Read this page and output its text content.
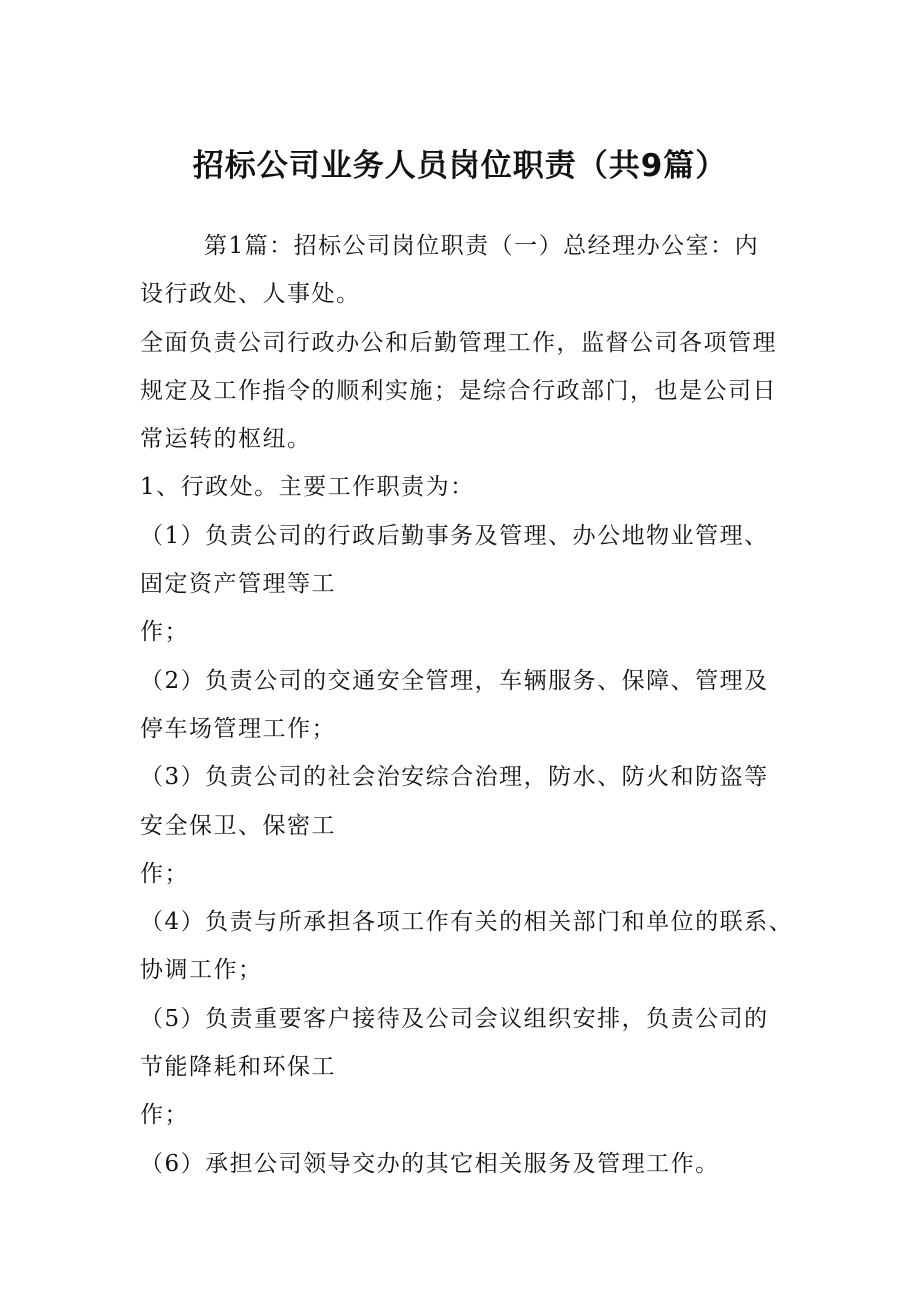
招标公司业务人员岗位职责（共9篇）
第1篇：招标公司岗位职责（一）总经理办公室：内
设行政处、人事处。
全面负责公司行政办公和后勤管理工作，监督公司各项管理
规定及工作指令的顺利实施；是综合行政部门，也是公司日
常运转的枢纽。
1、行政处。主要工作职责为：
（1）负责公司的行政后勤事务及管理、办公地物业管理、
固定资产管理等工
作；
（2）负责公司的交通安全管理，车辆服务、保障、管理及
停车场管理工作；
（3）负责公司的社会治安综合治理，防水、防火和防盗等
安全保卫、保密工
作；
（4）负责与所承担各项工作有关的相关部门和单位的联系、
协调工作；
（5）负责重要客户接待及公司会议组织安排，负责公司的
节能降耗和环保工
作；
（6）承担公司领导交办的其它相关服务及管理工作。
